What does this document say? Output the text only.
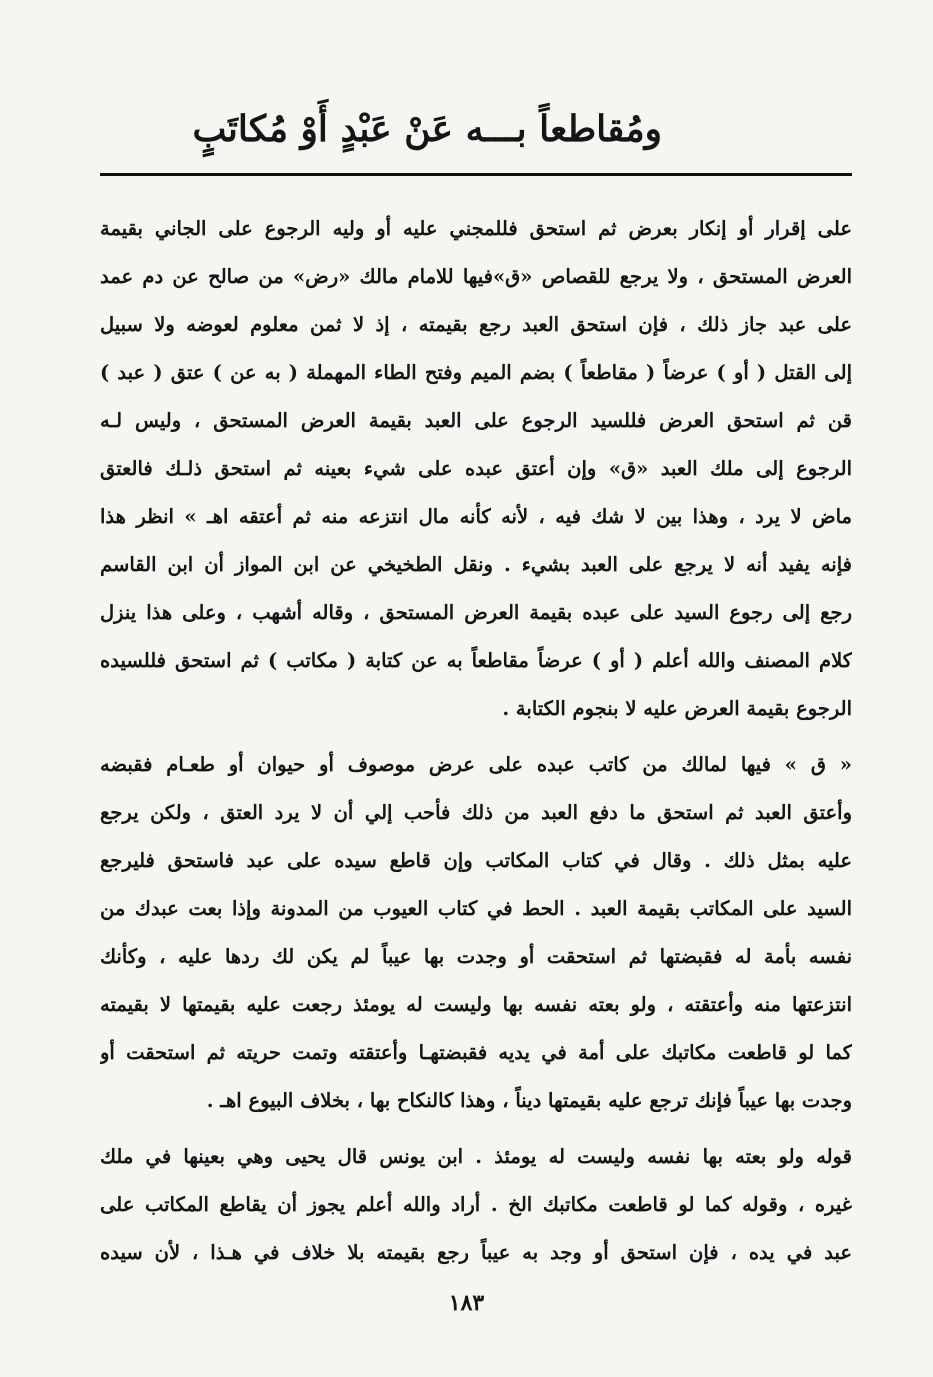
ومُقاطعاً بـــه عَنْ عَبْدٍ أَوْ مُكاتَبٍ
على إقرار أو إنكار بعرض ثم استحق فللمجني عليه أو وليه الرجوع على الجاني بقيمة
العرض المستحق ، ولا يرجع للقصاص «ق»فيها للامام مالك «رض» من صالح عن دم عمد
على عبد جاز ذلك ، فإن استحق العبد رجع بقيمته ، إذ لا ثمن معلوم لعوضه ولا سبيل
إلى القتل ( أو ) عرضاً ( مقاطعاً ) بضم الميم وفتح الطاء المهملة ( به عن ) عتق ( عبد )
قن ثم استحق العرض فللسيد الرجوع على العبد بقيمة العرض المستحق ، وليس لـه
الرجوع إلى ملك العبد «ق» وإن أعتق عبده على شيء بعينه ثم استحق ذلـك فالعتق
ماض لا يرد ، وهذا بين لا شك فيه ، لأنه كأنه مال انتزعه منه ثم أعتقه اهـ » انظر هذا
فإنه يفيد أنه لا يرجع على العبد بشيء . ونقل الطخيخي عن ابن المواز أن ابن القاسم
رجع إلى رجوع السيد على عبده بقيمة العرض المستحق ، وقاله أشهب ، وعلى هذا ينزل
كلام المصنف والله أعلم ( أو ) عرضاً مقاطعاً به عن كتابة ( مكاتب ) ثم استحق فللسيده
الرجوع بقيمة العرض عليه لا بنجوم الكتابة .
« ق » فيها لمالك من كاتب عبده على عرض موصوف أو حيوان أو طعـام فقبضه
وأعتق العبد ثم استحق ما دفع العبد من ذلك فأحب إلي أن لا يرد العتق ، ولكن يرجع
عليه بمثل ذلك . وقال في كتاب المكاتب وإن قاطع سيده على عبد فاستحق فليرجع
السيد على المكاتب بقيمة العبد . الحط في كتاب العيوب من المدونة وإذا بعت عبدك من
نفسه بأمة له فقبضتها ثم استحقت أو وجدت بها عيباً لم يكن لك ردها عليه ، وكأنك
انتزعتها منه وأعتقته ، ولو بعته نفسه بها وليست له يومئذ رجعت عليه بقيمتها لا بقيمته
كما لو قاطعت مكاتبك على أمة في يديه فقبضتهـا وأعتقته وتمت حريته ثم استحقت أو
وجدت بها عيباً فإنك ترجع عليه بقيمتها ديناً ، وهذا كالنكاح بها ، بخلاف البيوع اهـ .
قوله ولو بعته بها نفسه وليست له يومئذ . ابن يونس قال يحيى وهي بعينها في ملك
غيره ، وقوله كما لو قاطعت مكاتبك الخ . أراد والله أعلم يجوز أن يقاطع المكاتب على
عبد في يده ، فإن استحق أو وجد به عيباً رجع بقيمته بلا خلاف في هـذا ، لأن سيده
١٨٣
